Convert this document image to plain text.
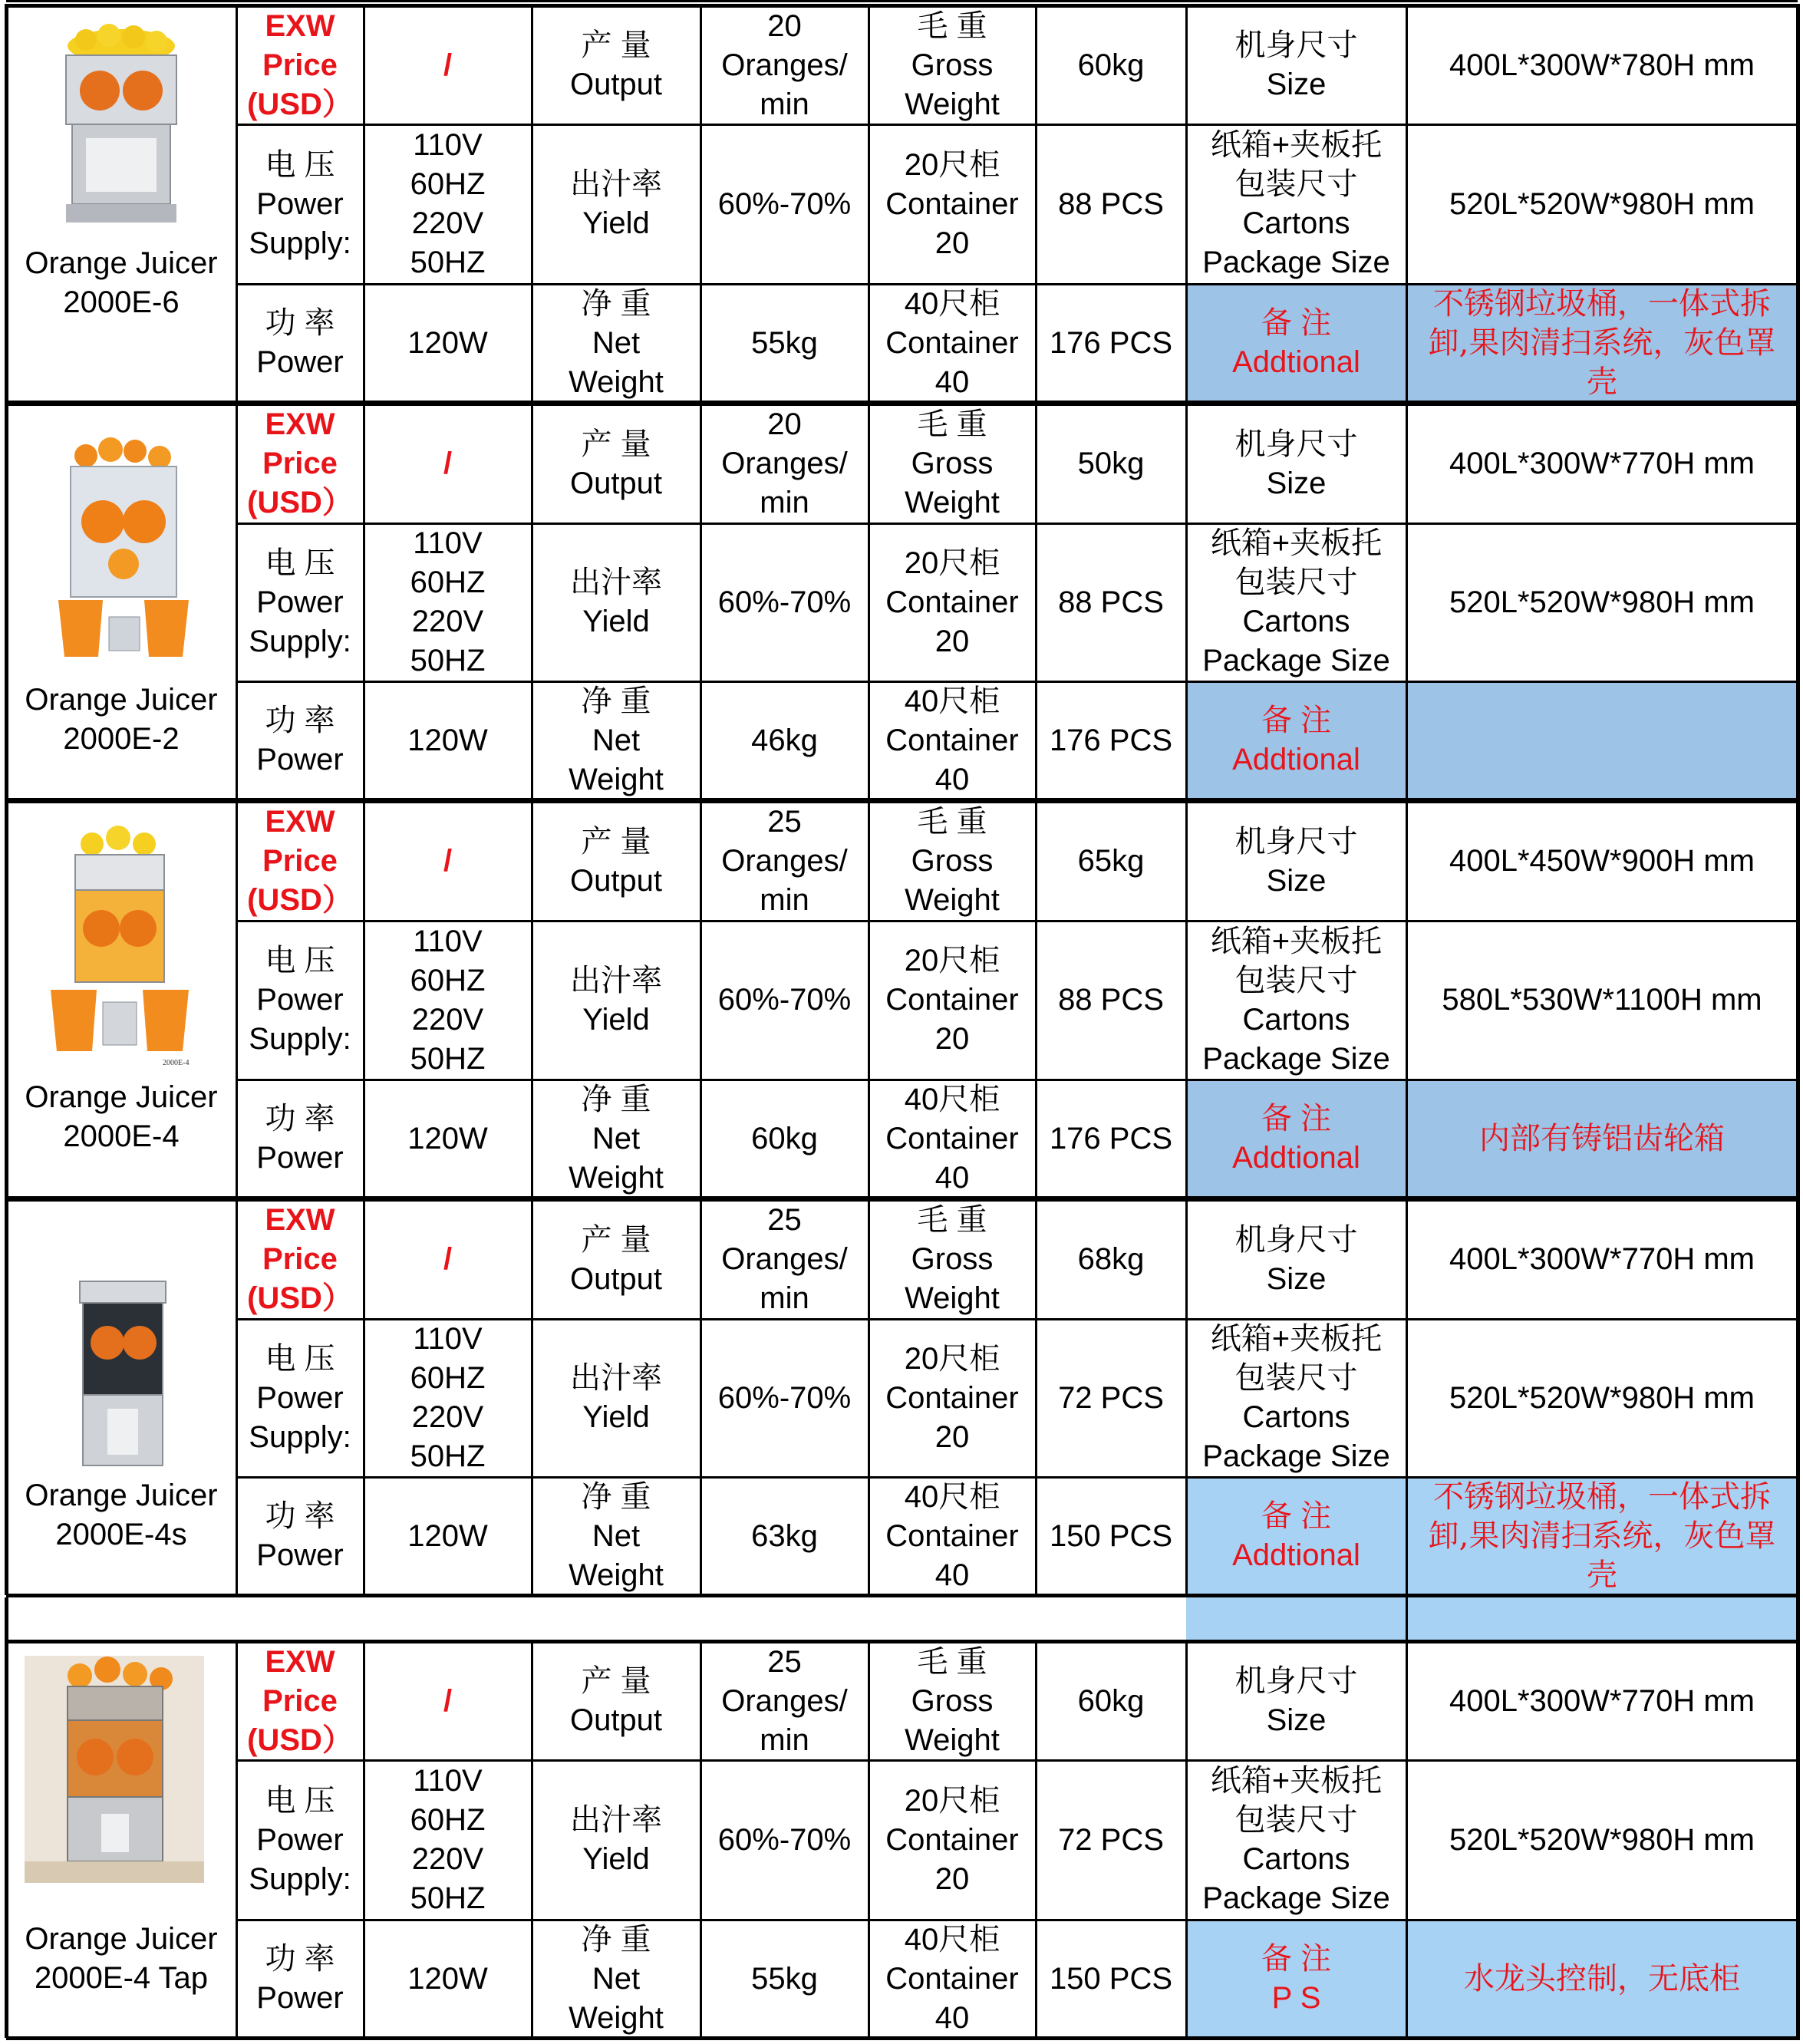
Orange Juicer
2000E-6
EXW
Price
(USD）
/
产 量
Output
20
Oranges/
min
毛 重
Gross
Weight
60kg
机身尺寸
Size
400L*300W*780H mm
电 压
Power
Supply:
110V
60HZ
220V
50HZ
出汁率
Yield
60%-70%
20尺柜
Container
20
88 PCS
纸箱+夹板托
包装尺寸
Cartons
Package Size
520L*520W*980H mm
功 率
Power
120W
净 重
Net
Weight
55kg
40尺柜
Container
40
176 PCS
备 注
Addtional
不锈钢垃圾桶，一体式拆
卸,果肉清扫系统，灰色罩
壳
Orange Juicer
2000E-2
EXW
Price
(USD）
/
产 量
Output
20
Oranges/
min
毛 重
Gross
Weight
50kg
机身尺寸
Size
400L*300W*770H mm
电 压
Power
Supply:
110V
60HZ
220V
50HZ
出汁率
Yield
60%-70%
20尺柜
Container
20
88 PCS
纸箱+夹板托
包装尺寸
Cartons
Package Size
520L*520W*980H mm
功 率
Power
120W
净 重
Net
Weight
46kg
40尺柜
Container
40
176 PCS
备 注
Addtional
2000E-4
Orange Juicer
2000E-4
EXW
Price
(USD）
/
产 量
Output
25
Oranges/
min
毛 重
Gross
Weight
65kg
机身尺寸
Size
400L*450W*900H mm
电 压
Power
Supply:
110V
60HZ
220V
50HZ
出汁率
Yield
60%-70%
20尺柜
Container
20
88 PCS
纸箱+夹板托
包装尺寸
Cartons
Package Size
580L*530W*1100H mm
功 率
Power
120W
净 重
Net
Weight
60kg
40尺柜
Container
40
176 PCS
备 注
Addtional
内部有铸铝齿轮箱
Orange Juicer
2000E-4s
EXW
Price
(USD）
/
产 量
Output
25
Oranges/
min
毛 重
Gross
Weight
68kg
机身尺寸
Size
400L*300W*770H mm
电 压
Power
Supply:
110V
60HZ
220V
50HZ
出汁率
Yield
60%-70%
20尺柜
Container
20
72 PCS
纸箱+夹板托
包装尺寸
Cartons
Package Size
520L*520W*980H mm
功 率
Power
120W
净 重
Net
Weight
63kg
40尺柜
Container
40
150 PCS
备 注
Addtional
不锈钢垃圾桶，一体式拆
卸,果肉清扫系统，灰色罩
壳
Orange Juicer
2000E-4 Tap
EXW
Price
(USD）
/
产 量
Output
25
Oranges/
min
毛 重
Gross
Weight
60kg
机身尺寸
Size
400L*300W*770H mm
电 压
Power
Supply:
110V
60HZ
220V
50HZ
出汁率
Yield
60%-70%
20尺柜
Container
20
72 PCS
纸箱+夹板托
包装尺寸
Cartons
Package Size
520L*520W*980H mm
功 率
Power
120W
净 重
Net
Weight
55kg
40尺柜
Container
40
150 PCS
备 注
P S
水龙头控制，无底柜
